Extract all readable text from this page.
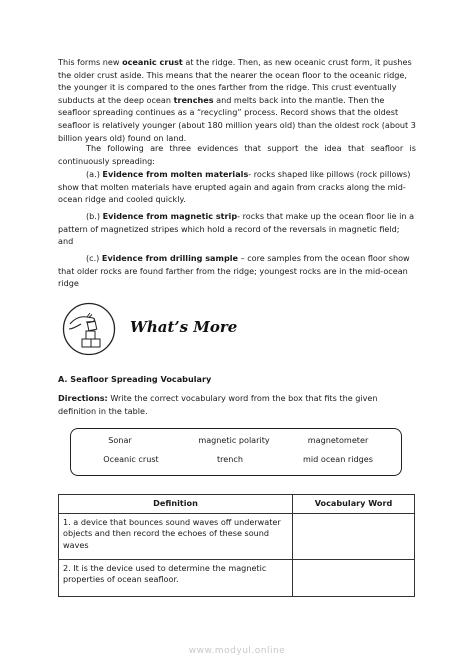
This forms new oceanic crust at the ridge. Then, as new oceanic crust form, it pushes the older crust aside. This means that the nearer the ocean floor to the oceanic ridge, the younger it is compared to the ones farther from the ridge. This crust eventually subducts at the deep ocean trenches and melts back into the mantle. Then the seafloor spreading continues as a “recycling” process. Record shows that the oldest seafloor is relatively younger (about 180 million years old) than the oldest rock (about 3 billion years old) found on land.

The following are three evidences that support the idea that seafloor is continuously spreading:

(a.) Evidence from molten materials- rocks shaped like pillows (rock pillows) show that molten materials have erupted again and again from cracks along the mid-ocean ridge and cooled quickly.

(b.) Evidence from magnetic strip- rocks that make up the ocean floor lie in a pattern of magnetized stripes which hold a record of the reversals in magnetic field; and

(c.) Evidence from drilling sample – core samples from the ocean floor show that older rocks are found farther from the ridge; youngest rocks are in the mid-ocean ridge

What’s More
A. Seafloor Spreading Vocabulary

Directions: Write the correct vocabulary word from the box that fits the given definition in the table.

Sonar	magnetic polarity	magnetometer
Oceanic crust	trench	mid ocean ridges
Definition	Vocabulary Word
1. a device that bounces sound waves off underwater objects and then record the echoes of these sound waves	
2. It is the device used to determine the magnetic properties of ocean seafloor.	
www.modyul.online
